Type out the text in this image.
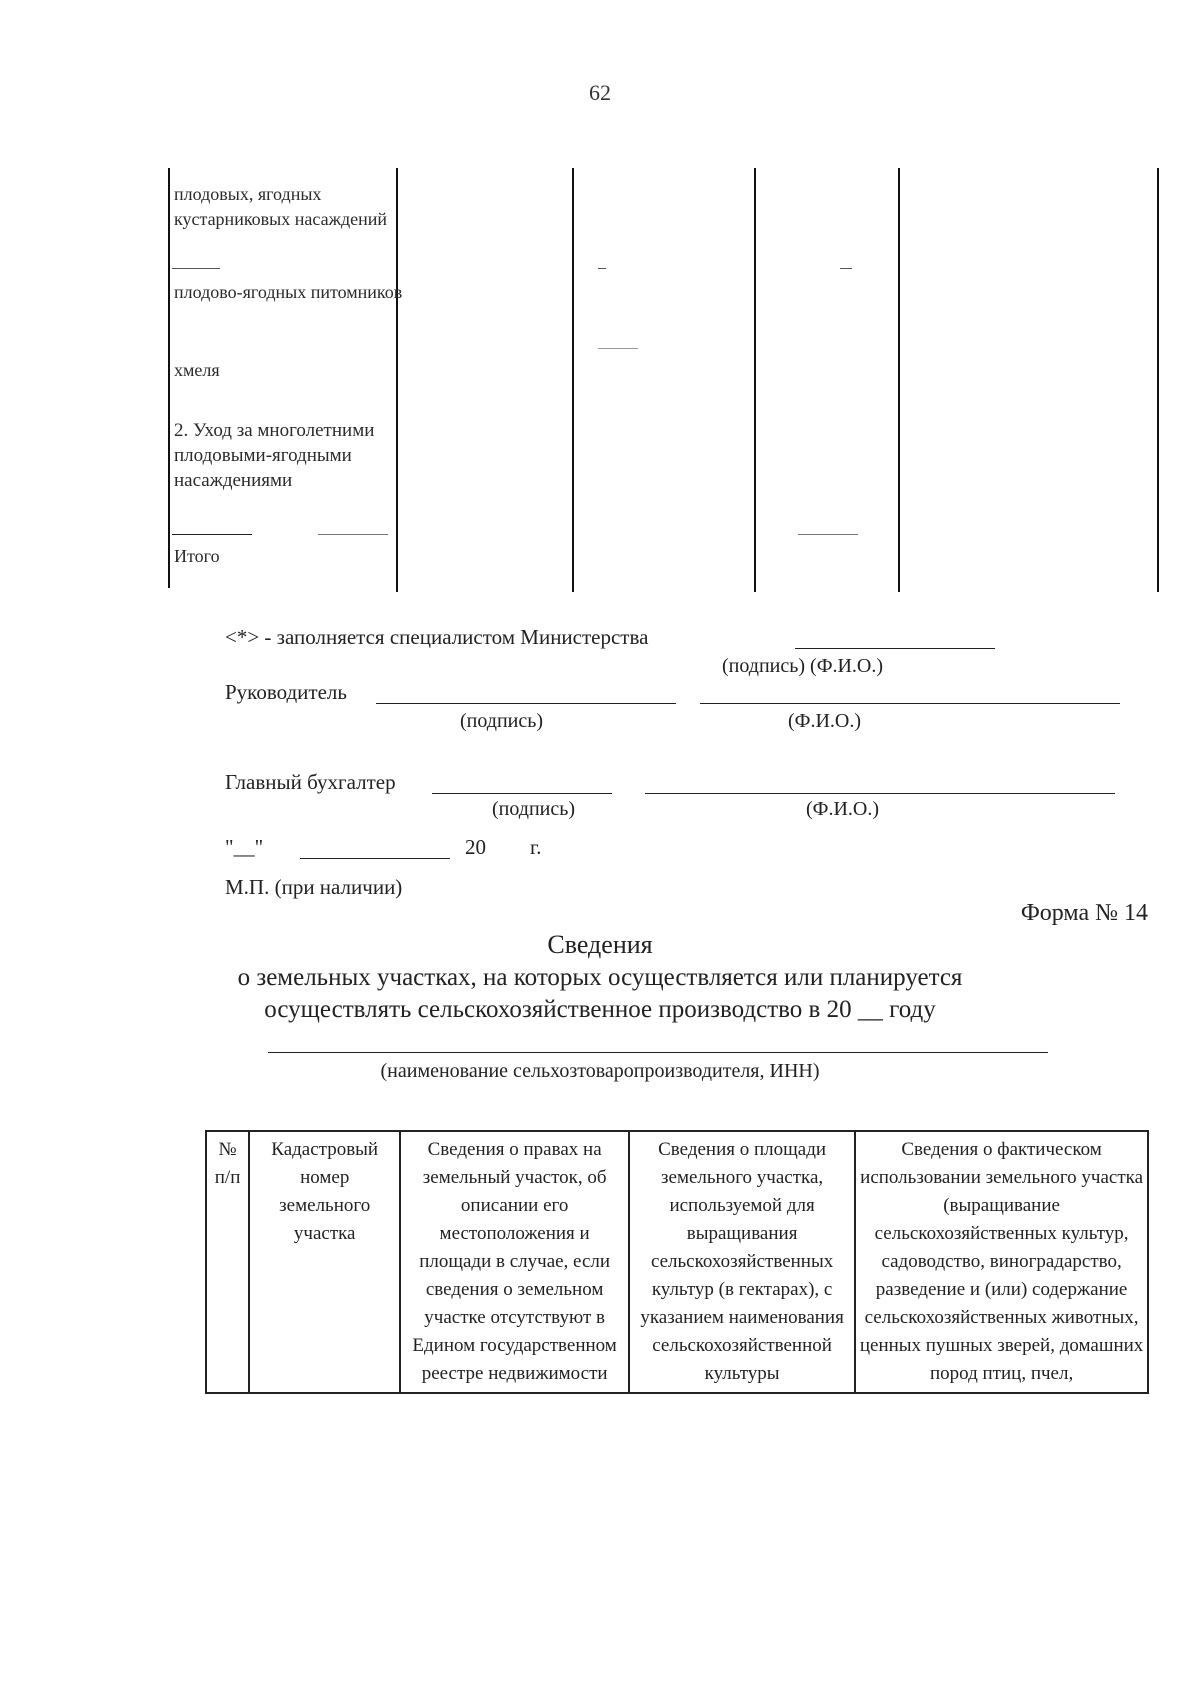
62
плодовых, ягодных кустарниковых насаждений
плодово-ягодных питомников
хмеля
2. Уход за многолетними плодовыми-ягодными насаждениями
Итого
<*> - заполняется специалистом Министерства
(подпись) (Ф.И.О.)
Руководитель
(подпись)	(Ф.И.О.)
Главный бухгалтер
(подпись)	(Ф.И.О.)
"__"	20 г.
М.П. (при наличии)
Форма № 14
Сведения
о земельных участках, на которых осуществляется или планируется
осуществлять сельскохозяйственное производство в 20 __ году
(наименование сельхозтоваропроизводителя, ИНН)
№ п/п	Кадастровый номер земельного участка	Сведения о правах на земельный участок, об описании его местоположения и площади в случае, если сведения о земельном участке отсутствуют в Едином государственном реестре недвижимости	Сведения о площади земельного участка, используемой для выращивания сельскохозяйственных культур (в гектарах), с указанием наименования сельскохозяйственной культуры	Сведения о фактическом использовании земельного участка (выращивание сельскохозяйственных культур, садоводство, виноградарство, разведение и (или) содержание сельскохозяйственных животных, ценных пушных зверей, домашних пород птиц, пчел,
